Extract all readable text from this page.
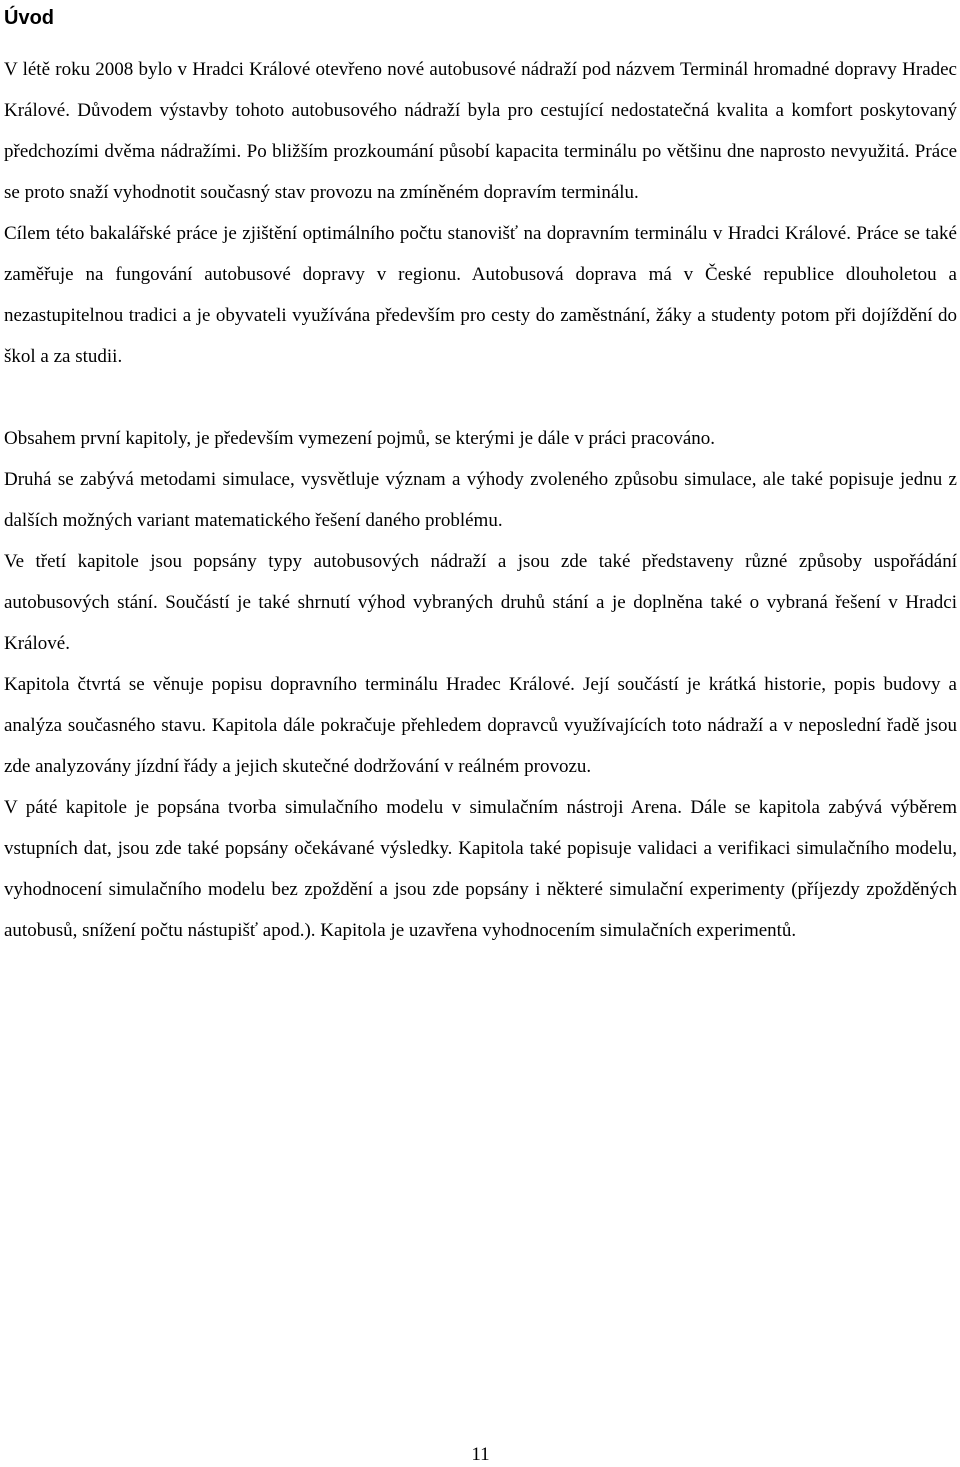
Úvod

V létě roku 2008 bylo v Hradci Králové otevřeno nové autobusové nádraží pod názvem Terminál hromadné dopravy Hradec Králové. Důvodem výstavby tohoto autobusového nádraží byla pro cestující nedostatečná kvalita a komfort poskytovaný předchozími dvěma nádražími. Po bližším prozkoumání působí kapacita terminálu po většinu dne naprosto nevyužitá. Práce se proto snaží vyhodnotit současný stav provozu na zmíněném dopravím terminálu.

Cílem této bakalářské práce je zjištění optimálního počtu stanovišť na dopravním terminálu v Hradci Králové. Práce se také zaměřuje na fungování autobusové dopravy v regionu. Autobusová doprava má v České republice dlouholetou a nezastupitelnou tradici a je obyvateli využívána především pro cesty do zaměstnání, žáky a studenty potom při dojíždění do škol a za studii.

Obsahem první kapitoly, je především vymezení pojmů, se kterými je dále v práci pracováno.

Druhá se zabývá metodami simulace, vysvětluje význam a výhody zvoleného způsobu simulace, ale také popisuje jednu z dalších možných variant matematického řešení daného problému.

Ve třetí kapitole jsou popsány typy autobusových nádraží a jsou zde také představeny různé způsoby uspořádání autobusových stání. Součástí je také shrnutí výhod vybraných druhů stání a je doplněna také o vybraná řešení v Hradci Králové.

Kapitola čtvrtá se věnuje popisu dopravního terminálu Hradec Králové. Její součástí je krátká historie, popis budovy a analýza současného stavu. Kapitola dále pokračuje přehledem dopravců využívajících toto nádraží a v neposlední řadě jsou zde analyzovány jízdní řády a jejich skutečné dodržování v reálném provozu.

V páté kapitole je popsána tvorba simulačního modelu v simulačním nástroji Arena. Dále se kapitola zabývá výběrem vstupních dat, jsou zde také popsány očekávané výsledky. Kapitola také popisuje validaci a verifikaci simulačního modelu, vyhodnocení simulačního modelu bez zpoždění a jsou zde popsány i některé simulační experimenty (příjezdy zpožděných autobusů, snížení počtu nástupišť apod.). Kapitola je uzavřena vyhodnocením simulačních experimentů.

11
